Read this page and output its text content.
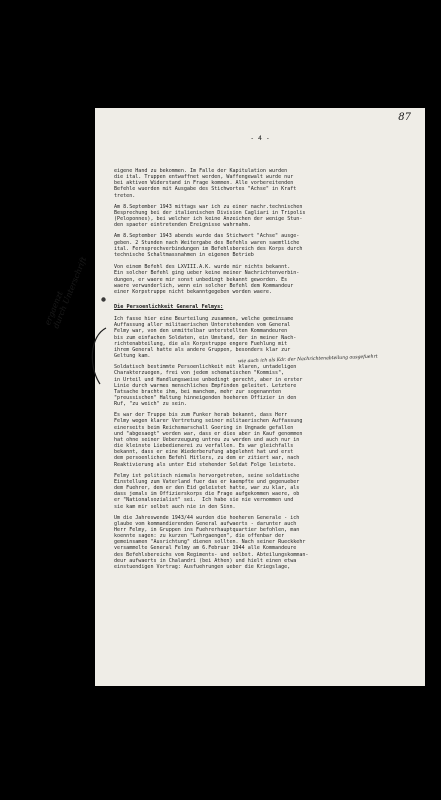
87
- 4 -
ergaenzt
durch Unterschrift
wie auch ich als Kdr. der Nachrichtenabteilung ausgefuehrt
eigene Hand zu bekommen. Im Falle der Kapitulation wurden
die ital. Truppen entwaffnet werden, Waffengewalt wurde nur
bei aktiven Widerstand in Frage kommen. Alle vorbereitenden
Befehle wuerden mit Ausgabe des Stichwortes "Achse" in Kraft
treten.
Am 8.September 1943 mittags war ich zu einer nachr.technischen
Besprechung bei der italienischen Division Cagliari in Tripolis
(Peloponnes), bei welcher ich keine Anzeichen der wenige Stun-
den spaeter eintretenden Ereignisse wahrnahm.
Am 8.September 1943 abends wurde das Stichwort "Achse" ausge-
geben. 2 Stunden nach Weitergabe des Befehls waren saemtliche
ital. Fernsprechverbindungen im Befehlsbereich des Korps durch
technische Schaltmassnahmen in eigenen Betrieb

Von einem Befehl des LXVIII.A.K. wurde mir nichts bekannt.
Ein solcher Befehl ging ueber keine meiner Nachrichtenverbin-
dungen, er waere mir sonst unbedingt bekannt geworden. Es
waere verwunderlich, wenn ein solcher Befehl dem Kommandeur
einer Korpstruppe nicht bekanntgegeben worden waere.
Die Persoenlichkeit General Felmys:
Ich fasse hier eine Beurteilung zusammen, welche gemeinsame
Auffassung aller militaerischen Unterstehenden vom General
Felmy war, von den unmittelbar unterstellten Kommandeuren
bis zum einfachen Soldaten, ein Umstand, der in meiner Nach-
richtenabteilung, die als Korpstruppe engere Fuehlung mit
ihrem General hatte als andere Gruppen, besonders klar zur
Geltung kam.
Soldatisch bestimmte Persoenlichkeit mit klaren, untadeligen
Charakterzuegen, frei von jedem schematischen "Kommiss",
in Urteil und Handlungsweise unbedingt gerecht, aber in erster
Linie durch warmes menschliches Empfinden geleitet. Letztere
Tatsache brachte ihm, bei manchem, mehr zur sogenannten
"preussischen" Haltung hinneigenden hoeheren Offizier in den
Ruf, "zu weich" zu sein.
Es war der Truppe bis zum Funker herab bekannt, dass Herr
Felmy wegen klarer Vertretung seiner militaerischen Auffassung
einerseits beim Reichsmarschall Goering in Ungnade gefallen
und "abgesaegt" worden war, dass er dies aber in Kauf genommen
hat ohne seiner Ueberzeugung untreu zu werden und auch nur in
die kleinste Liebedienerei zu verfallen. Es war gleichfalls
bekannt, dass er eine Wiederberufung abgelehnt hat und erst
dem persoenlichen Befehl Hitlers, zu dem er zitiert war, nach
Reaktivierung als unter Eid stehender Soldat Folge leistete.
Felmy ist politisch niemals hervorgetreten, seine soldatische
Einstellung zum Vaterland fuer das er kaempfte und gegenueber
dem Fuehrer, dem er den Eid geleistet hatte, war zu klar, als
dass jemals im Offizierskorps die Frage aufgekommen waere, ob
er "Nationalsozialist" sei.  Ich habe sie nie vernommen und
sie kam mir selbst auch nie in den Sinn.
Um die Jahreswende 1943/44 wurden die hoeheren Generale - ich
glaube vom kommandierenden General aufwaerts - darunter auch
Herr Felmy, in Gruppen ins Fuehrerhauptquartier befohlen, man
koennte sagen: zu kurzen "Lehrgaengen", die offenbar der
gemeinsamen "Ausrichtung" dienen sollten. Nach seiner Rueckkehr
versammelte General Felmy am 6.Februar 1944 alle Kommandeure
des Befehlsbereichs vom Regiments- und selbst. Abteilungskomman-
deur aufwaerts in Chalandri (bei Athen) und hielt einen etwa
einstuendigen Vortrag: Ausfuehrungen ueber die Kriegslage,
